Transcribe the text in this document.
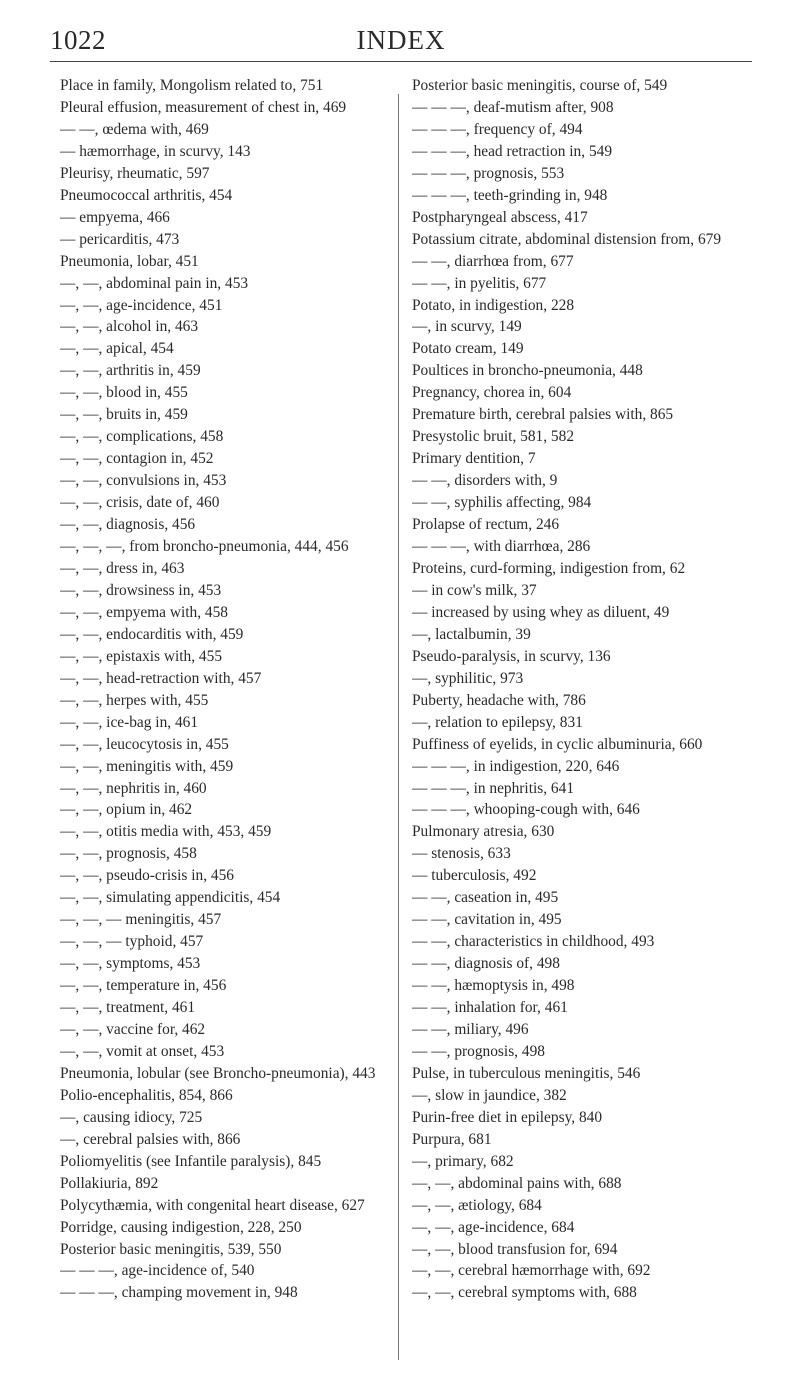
1022	INDEX

Place in family, Mongolism related to, 751

Pleural effusion, measurement of chest in, 469

— —, œdema with, 469

— hæmorrhage, in scurvy, 143

Pleurisy, rheumatic, 597

Pneumococcal arthritis, 454

— empyema, 466

— pericarditis, 473

Pneumonia, lobar, 451

—, —, abdominal pain in, 453

—, —, age-incidence, 451

—, —, alcohol in, 463

—, —, apical, 454

—, —, arthritis in, 459

—, —, blood in, 455

—, —, bruits in, 459

—, —, complications, 458

—, —, contagion in, 452

—, —, convulsions in, 453

—, —, crisis, date of, 460

—, —, diagnosis, 456

—, —, —, from broncho-pneumonia, 444, 456

—, —, dress in, 463

—, —, drowsiness in, 453

—, —, empyema with, 458

—, —, endocarditis with, 459

—, —, epistaxis with, 455

—, —, head-retraction with, 457

—, —, herpes with, 455

—, —, ice-bag in, 461

—, —, leucocytosis in, 455

—, —, meningitis with, 459

—, —, nephritis in, 460

—, —, opium in, 462

—, —, otitis media with, 453, 459

—, —, prognosis, 458

—, —, pseudo-crisis in, 456

—, —, simulating appendicitis, 454

—, —, — meningitis, 457

—, —, — typhoid, 457

—, —, symptoms, 453

—, —, temperature in, 456

—, —, treatment, 461

—, —, vaccine for, 462

—, —, vomit at onset, 453

Pneumonia, lobular (see Broncho-pneumonia), 443

Polio-encephalitis, 854, 866

—, causing idiocy, 725

—, cerebral palsies with, 866

Poliomyelitis (see Infantile paralysis), 845

Pollakiuria, 892

Polycythæmia, with congenital heart disease, 627

Porridge, causing indigestion, 228, 250

Posterior basic meningitis, 539, 550

— — —, age-incidence of, 540

— — —, champing movement in, 948

Posterior basic meningitis, course of, 549

— — —, deaf-mutism after, 908

— — —, frequency of, 494

— — —, head retraction in, 549

— — —, prognosis, 553

— — —, teeth-grinding in, 948

Postpharyngeal abscess, 417

Potassium citrate, abdominal distension from, 679

— —, diarrhœa from, 677

— —, in pyelitis, 677

Potato, in indigestion, 228

—, in scurvy, 149

Potato cream, 149

Poultices in broncho-pneumonia, 448

Pregnancy, chorea in, 604

Premature birth, cerebral palsies with, 865

Presystolic bruit, 581, 582

Primary dentition, 7

— —, disorders with, 9

— —, syphilis affecting, 984

Prolapse of rectum, 246

— — —, with diarrhœa, 286

Proteins, curd-forming, indigestion from, 62

— in cow's milk, 37

— increased by using whey as diluent, 49

—, lactalbumin, 39

Pseudo-paralysis, in scurvy, 136

—, syphilitic, 973

Puberty, headache with, 786

—, relation to epilepsy, 831

Puffiness of eyelids, in cyclic albuminuria, 660

— — —, in indigestion, 220, 646

— — —, in nephritis, 641

— — —, whooping-cough with, 646

Pulmonary atresia, 630

— stenosis, 633

— tuberculosis, 492

— —, caseation in, 495

— —, cavitation in, 495

— —, characteristics in childhood, 493

— —, diagnosis of, 498

— —, hæmoptysis in, 498

— —, inhalation for, 461

— —, miliary, 496

— —, prognosis, 498

Pulse, in tuberculous meningitis, 546

—, slow in jaundice, 382

Purin-free diet in epilepsy, 840

Purpura, 681

—, primary, 682

—, —, abdominal pains with, 688

—, —, ætiology, 684

—, —, age-incidence, 684

—, —, blood transfusion for, 694

—, —, cerebral hæmorrhage with, 692

—, —, cerebral symptoms with, 688
